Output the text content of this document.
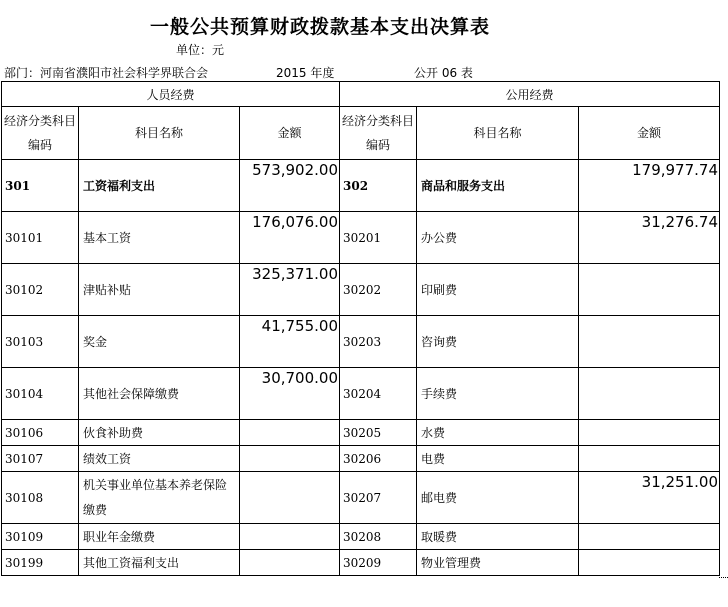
一般公共预算财政拨款基本支出决算表
单位：元
部门：河南省濮阳市社会科学界联合会	2015 年度	公开 06 表
人员经费			公用经费		
经济分类科目编码	科目名称	金额	经济分类科目编码	科目名称	金额
301	工资福利支出	573,902.00	302	商品和服务支出	179,977.74
30101	基本工资	176,076.00	30201	办公费	31,276.74
30102	津贴补贴	325,371.00	30202	印刷费	
30103	奖金	41,755.00	30203	咨询费	
30104	其他社会保障缴费	30,700.00	30204	手续费	
30106	伙食补助费		30205	水费	
30107	绩效工资		30206	电费	
30108	机关事业单位基本养老保险缴费		30207	邮电费	31,251.00
30109	职业年金缴费		30208	取暖费	
30199	其他工资福利支出		30209	物业管理费	
